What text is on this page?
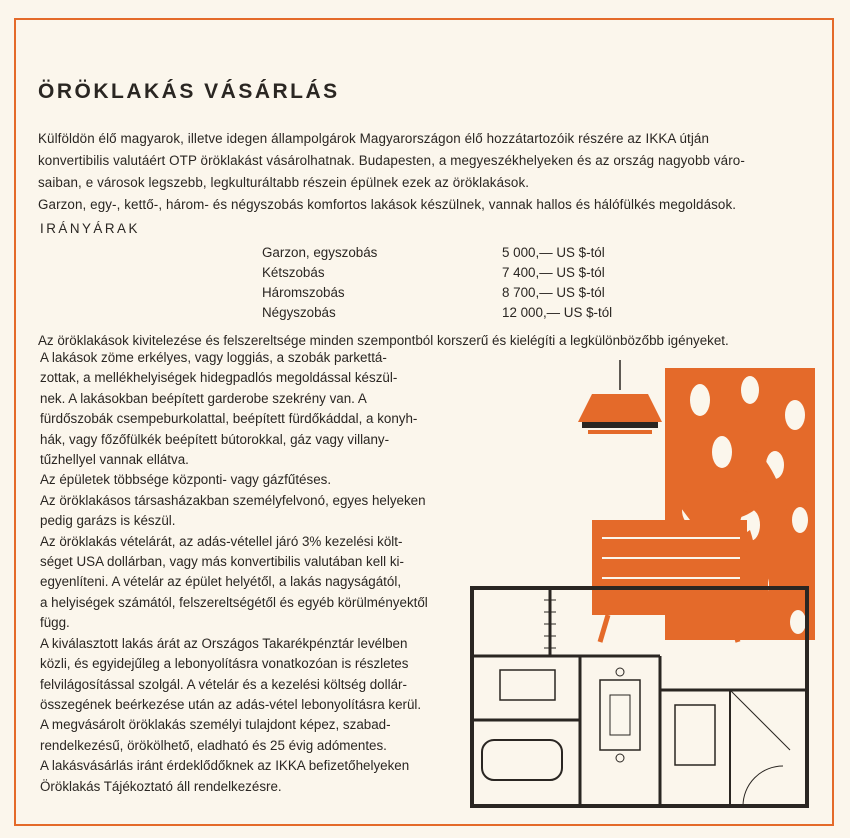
ÖRÖKLAKÁS VÁSÁRLÁS
Külföldön élő magyarok, illetve idegen állampolgárok Magyarországon élő hozzátartozóik részére az IKKA útján
konvertibilis valutáért OTP öröklakást vásárolhatnak. Budapesten, a megyeszékhelyeken és az ország nagyobb váro-
saiban, e városok legszebb, legkulturáltabb részein épülnek ezek az öröklakások.
Garzon, egy-, kettő-, három- és négyszobás komfortos lakások készülnek, vannak hallos és hálófülkés megoldások.
IRÁNYÁRAK
Garzon, egyszobás	5 000,— US $-tól
Kétszobás	7 400,— US $-tól
Háromszobás	8 700,— US $-tól
Négyszobás	12 000,— US $-tól
Az öröklakások kivitelezése és felszereltsége minden szempontból korszerű és kielégíti a legkülönbözőbb igényeket.
A lakások zöme erkélyes, vagy loggiás, a szobák parkettá-
zottak, a mellékhelyiségek hidegpadlós megoldással készül-
nek. A lakásokban beépített garderobe szekrény van. A
fürdőszobák csempeburkolattal, beépített fürdőkáddal, a konyh-
hák, vagy főzőfülkék beépített bútorokkal, gáz vagy villany-
tűzhellyel vannak ellátva.
Az épületek többsége központi- vagy gázfűtéses.
Az öröklakásos társasházakban személyfelvonó, egyes helyeken
pedig garázs is készül.
Az öröklakás vételárát, az adás-vétellel járó 3% kezelési költ-
séget USA dollárban, vagy más konvertibilis valutában kell ki-
egyenlíteni. A vételár az épület helyétől, a lakás nagyságától,
a helyiségek számától, felszereltségétől és egyéb körülményektől
függ.
A kiválasztott lakás árát az Országos Takarékpénztár levélben
közli, és egyidejűleg a lebonyolításra vonatkozóan is részletes
felvilágosítással szolgál. A vételár és a kezelési költség dollár-
összegének beérkezése után az adás-vétel lebonyolításra kerül.
A megvásárolt öröklakás személyi tulajdont képez, szabad-
rendelkezésű, örökölhető, eladható és 25 évig adómentes.
A lakásvásárlás iránt érdeklődőknek az IKKA befizetőhelyeken
Öröklakás Tájékoztató áll rendelkezésre.
